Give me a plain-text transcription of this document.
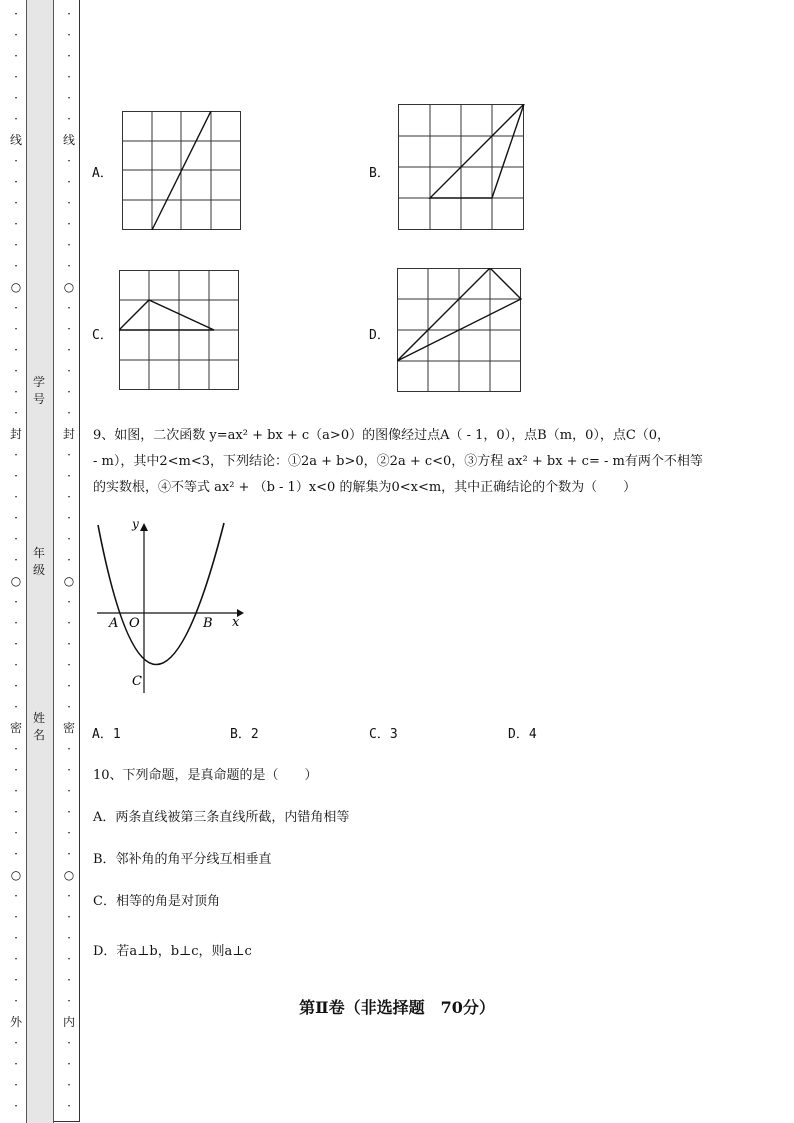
·
·
·
·
·
·
线
·
·
·
·
·
·
○
·
·
·
·
·
·
封
·
·
·
·
·
·
○
·
·
·
·
·
·
密
·
·
·
·
·
·
○
·
·
·
·
·
·
外
·
·
·
·
·
·
·
·
·
·
线
·
·
·
·
·
·
○
·
·
·
·
·
·
封
·
·
·
·
·
·
○
·
·
·
·
·
·
密
·
·
·
·
·
·
○
·
·
·
·
·
·
内
·
·
·
·
学号
年级
姓名
A．	B．
C．	D．
9、如图，二次函数 y=ax² + bx + c（a>0）的图像经过点A（ - 1，0），点B（m，0），点C（0，
- m），其中2<m<3，下列结论：①2a + b>0，②2a + c<0，③方程 ax² + bx + c= - m有两个不相等
的实数根，④不等式 ax² + （b - 1）x<0 的解集为0<x<m，其中正确结论的个数为（　　）
y
x
A O	B
C
A．1	B．2	C．3	D．4
10、下列命题，是真命题的是（　　）
A．两条直线被第三条直线所截，内错角相等
B．邻补角的角平分线互相垂直
C．相等的角是对顶角
D．若a⊥b，b⊥c，则a⊥c
第Ⅱ卷（非选择题　70分）
